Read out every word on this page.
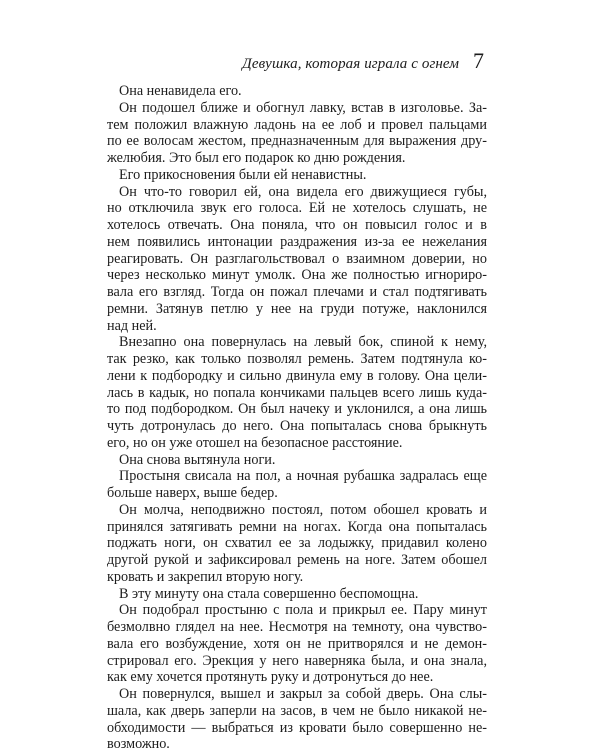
Девушка, которая играла с огнем 7
Она ненавидела его.
Он подошел ближе и обогнул лавку, встав в изголовье. За-
тем положил влажную ладонь на ее лоб и провел пальцами
по ее волосам жестом, предназначенным для выражения дру-
желюбия. Это был его подарок ко дню рождения.
Его прикосновения были ей ненавистны.
Он что-то говорил ей, она видела его движущиеся губы,
но отключила звук его голоса. Ей не хотелось слушать, не
хотелось отвечать. Она поняла, что он повысил голос и в
нем появились интонации раздражения из-за ее нежелания
реагировать. Он разглагольствовал о взаимном доверии, но
через несколько минут умолк. Она же полностью игнориро-
вала его взгляд. Тогда он пожал плечами и стал подтягивать
ремни. Затянув петлю у нее на груди потуже, наклонился
над ней.
Внезапно она повернулась на левый бок, спиной к нему,
так резко, как только позволял ремень. Затем подтянула ко-
лени к подбородку и сильно двинула ему в голову. Она цели-
лась в кадык, но попала кончиками пальцев всего лишь куда-
то под подбородком. Он был начеку и уклонился, а она лишь
чуть дотронулась до него. Она попыталась снова брыкнуть
его, но он уже отошел на безопасное расстояние.
Она снова вытянула ноги.
Простыня свисала на пол, а ночная рубашка задралась еще
больше наверх, выше бедер.
Он молча, неподвижно постоял, потом обошел кровать и
принялся затягивать ремни на ногах. Когда она попыталась
поджать ноги, он схватил ее за лодыжку, придавил колено
другой рукой и зафиксировал ремень на ноге. Затем обошел
кровать и закрепил вторую ногу.
В эту минуту она стала совершенно беспомощна.
Он подобрал простыню с пола и прикрыл ее. Пару минут
безмолвно глядел на нее. Несмотря на темноту, она чувство-
вала его возбуждение, хотя он не притворялся и не демон-
стрировал его. Эрекция у него наверняка была, и она знала,
как ему хочется протянуть руку и дотронуться до нее.
Он повернулся, вышел и закрыл за собой дверь. Она слы-
шала, как дверь заперли на засов, в чем не было никакой не-
обходимости — выбраться из кровати было совершенно не-
возможно.
